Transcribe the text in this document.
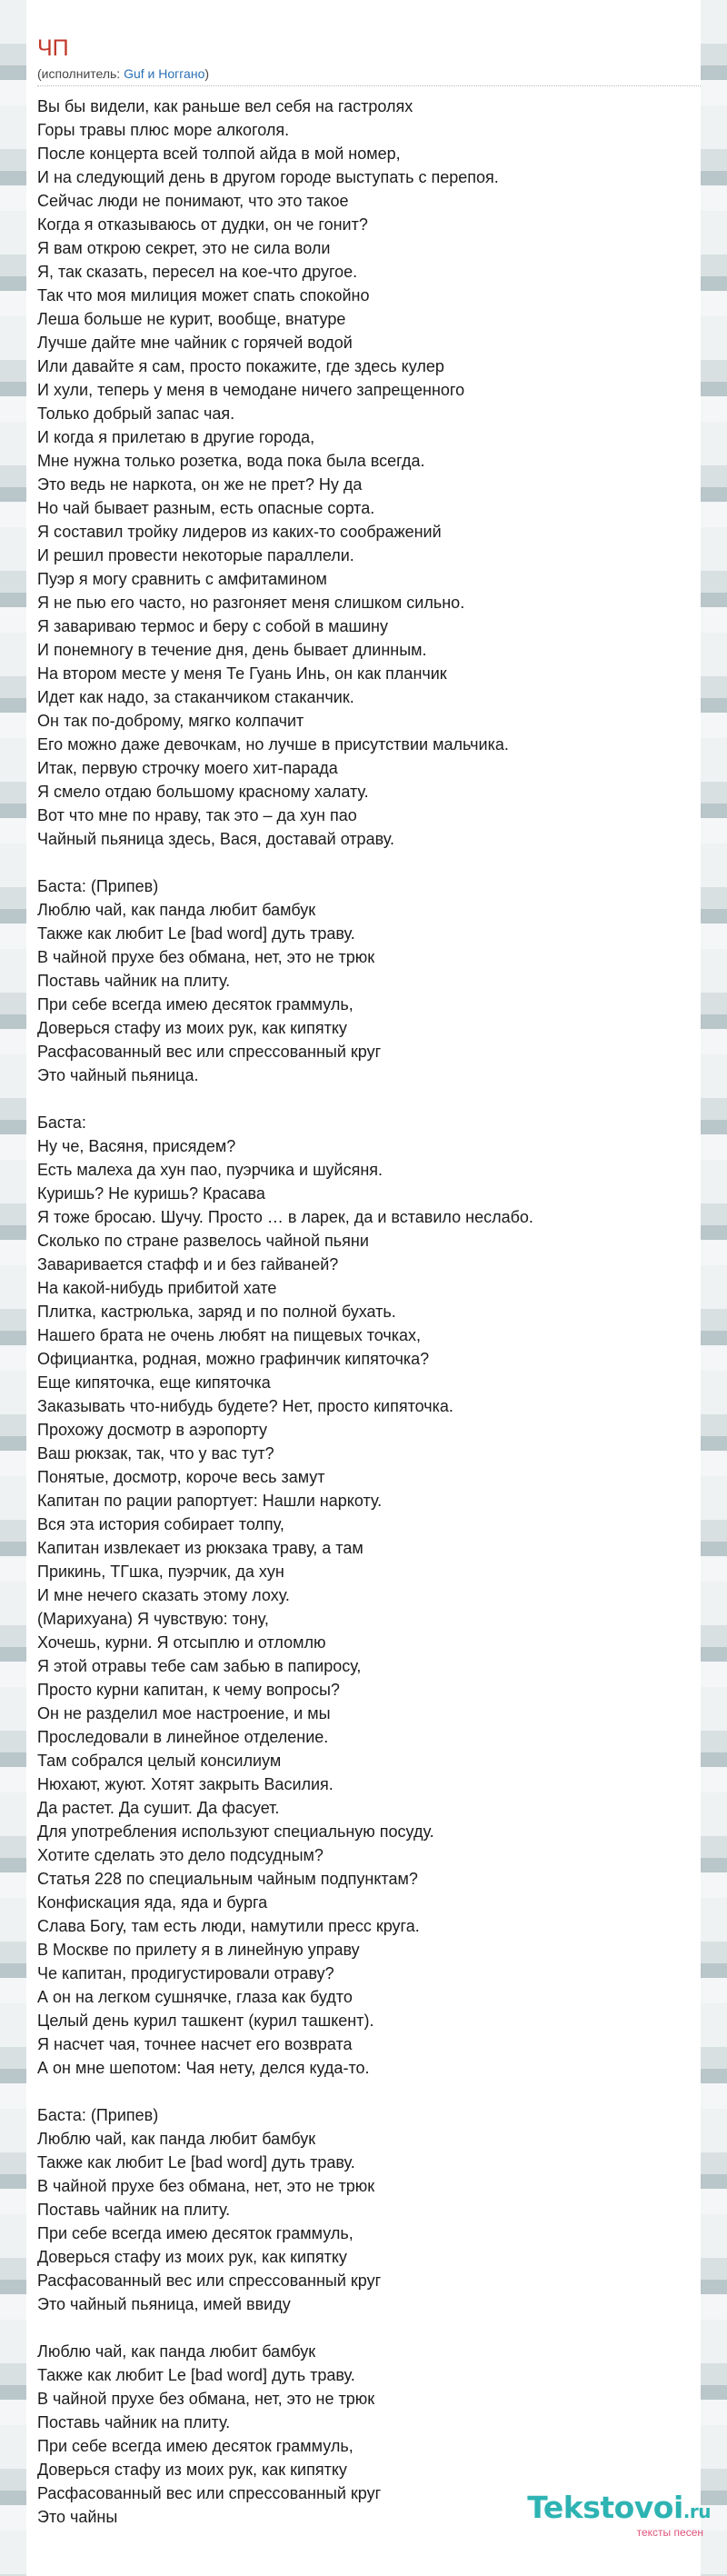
ЧП
(исполнитель: Guf и Ноггано)
Вы бы видели, как раньше вел себя на гастролях
Горы травы плюс море алкоголя.
После концерта всей толпой айда в мой номер,
И на следующий день в другом городе выступать с перепоя.
Сейчас люди не понимают, что это такое
Когда я отказываюсь от дудки, он че гонит?
Я вам открою секрет, это не сила воли
Я, так сказать, пересел на кое-что другое.
Так что моя милиция может спать спокойно
Леша больше не курит, вообще, внатуре
Лучше дайте мне чайник с горячей водой
Или давайте я сам, просто покажите, где здесь кулер
И хули, теперь у меня в чемодане ничего запрещенного
Только добрый запас чая.
И когда я прилетаю в другие города,
Мне нужна только розетка, вода пока была всегда.
Это ведь не наркота, он же не прет? Ну да
Но чай бывает разным, есть опасные сорта.
Я составил тройку лидеров из каких-то соображений
И решил провести некоторые параллели.
Пуэр я могу сравнить с амфитамином
Я не пью его часто, но разгоняет меня слишком сильно.
Я завариваю термос и беру с собой в машину
И понемногу в течение дня, день бывает длинным.
На втором месте у меня Те Гуань Инь, он как планчик
Идет как надо, за стаканчиком стаканчик.
Он так по-доброму, мягко колпачит
Его можно даже девочкам, но лучше в присутствии мальчика.
Итак, первую строчку моего хит-парада
Я смело отдаю большому красному халату.
Вот что мне по нраву, так это – да хун пао
Чайный пьяница здесь, Вася, доставай отраву.
Баста: (Припев)
Люблю чай, как панда любит бамбук
Также как любит Le [bad word] дуть траву.
В чайной прухе без обмана, нет, это не трюк
Поставь чайник на плиту.
При себе всегда имею десяток граммуль,
Доверься стафу из моих рук, как кипятку
Расфасованный вес или спрессованный круг
Это чайный пьяница.
Баста:
Ну че, Васяня, присядем?
Есть малеха да хун пао, пуэрчика и шуйсяня.
Куришь? Не куришь? Красава
Я тоже бросаю. Шучу. Просто … в ларек, да и вставило неслабо.
Сколько по стране развелось чайной пьяни
Заваривается стафф и и без гайваней?
На какой-нибудь прибитой хате
Плитка, кастрюлька, заряд и по полной бухать.
Нашего брата не очень любят на пищевых точках,
Официантка, родная, можно графинчик кипяточка?
Еще кипяточка, еще кипяточка
Заказывать что-нибудь будете? Нет, просто кипяточка.
Прохожу досмотр в аэропорту
Ваш рюкзак, так, что у вас тут?
Понятые, досмотр, короче весь замут
Капитан по рации рапортует: Нашли наркоту.
Вся эта история собирает толпу,
Капитан извлекает из рюкзака траву, а там
Прикинь, ТГшка, пуэрчик, да хун
И мне нечего сказать этому лоху.
(Марихуана) Я чувствую: тону,
Хочешь, курни. Я отсыплю и отломлю
Я этой отравы тебе сам забью в папиросу,
Просто курни капитан, к чему вопросы?
Он не разделил мое настроение, и мы
Проследовали в линейное отделение.
Там собрался целый консилиум
Нюхают, жуют. Хотят закрыть Василия.
Да растет. Да сушит. Да фасует.
Для употребления используют специальную посуду.
Хотите сделать это дело подсудным?
Статья 228 по специальным чайным подпунктам?
Конфискация яда, яда и бурга
Слава Богу, там есть люди, намутили пресс круга.
В Москве по прилету я в линейную управу
Че капитан, продигустировали отраву?
А он на легком сушнячке, глаза как будто
Целый день курил ташкент (курил ташкент).
Я насчет чая, точнее насчет его возврата
А он мне шепотом: Чая нету, делся куда-то.
Баста: (Припев)
Люблю чай, как панда любит бамбук
Также как любит Le [bad word] дуть траву.
В чайной прухе без обмана, нет, это не трюк
Поставь чайник на плиту.
При себе всегда имею десяток граммуль,
Доверься стафу из моих рук, как кипятку
Расфасованный вес или спрессованный круг
Это чайный пьяница, имей ввиду
Люблю чай, как панда любит бамбук
Также как любит Le [bad word] дуть траву.
В чайной прухе без обмана, нет, это не трюк
Поставь чайник на плиту.
При себе всегда имею десяток граммуль,
Доверься стафу из моих рук, как кипятку
Расфасованный вес или спрессованный круг
Это чайны	Tekstovoi.ru
тексты песен
